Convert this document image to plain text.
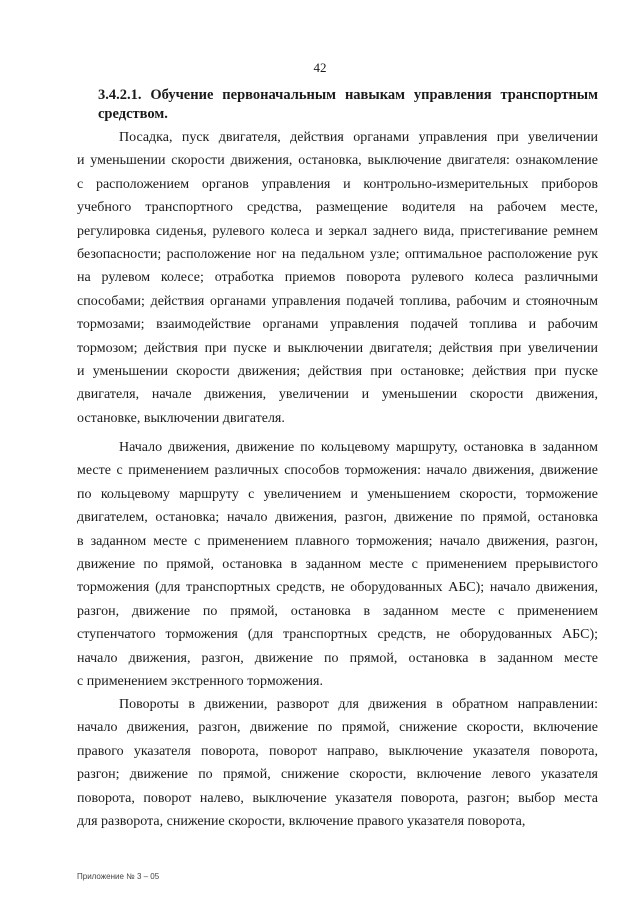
42
3.4.2.1. Обучение первоначальным навыкам управления транспортным
средством.

Посадка, пуск двигателя, действия органами управления при увеличении
и уменьшении скорости движения, остановка, выключение двигателя: ознакомление
с расположением органов управления и контрольно-измерительных приборов
учебного транспортного средства, размещение водителя на рабочем месте,
регулировка сиденья, рулевого колеса и зеркал заднего вида, пристегивание ремнем
безопасности; расположение ног на педальном узле; оптимальное расположение рук
на рулевом колесе; отработка приемов поворота рулевого колеса различными
способами; действия органами управления подачей топлива, рабочим и стояночным
тормозами; взаимодействие органами управления подачей топлива и рабочим
тормозом; действия при пуске и выключении двигателя; действия при увеличении
и уменьшении скорости движения; действия при остановке; действия при пуске
двигателя, начале движения, увеличении и уменьшении скорости движения,
остановке, выключении двигателя.

Начало движения, движение по кольцевому маршруту, остановка в заданном
месте с применением различных способов торможения: начало движения, движение
по кольцевому маршруту с увеличением и уменьшением скорости, торможение
двигателем, остановка; начало движения, разгон, движение по прямой, остановка
в заданном месте с применением плавного торможения; начало движения, разгон,
движение по прямой, остановка в заданном месте с применением прерывистого
торможения (для транспортных средств, не оборудованных АБС); начало движения,
разгон, движение по прямой, остановка в заданном месте с применением
ступенчатого торможения (для транспортных средств, не оборудованных АБС);
начало движения, разгон, движение по прямой, остановка в заданном месте
с применением экстренного торможения.

Повороты в движении, разворот для движения в обратном направлении:
начало движения, разгон, движение по прямой, снижение скорости, включение
правого указателя поворота, поворот направо, выключение указателя поворота,
разгон; движение по прямой, снижение скорости, включение левого указателя
поворота, поворот налево, выключение указателя поворота, разгон; выбор места
для разворота, снижение скорости, включение правого указателя поворота,

Приложение № 3 – 05
